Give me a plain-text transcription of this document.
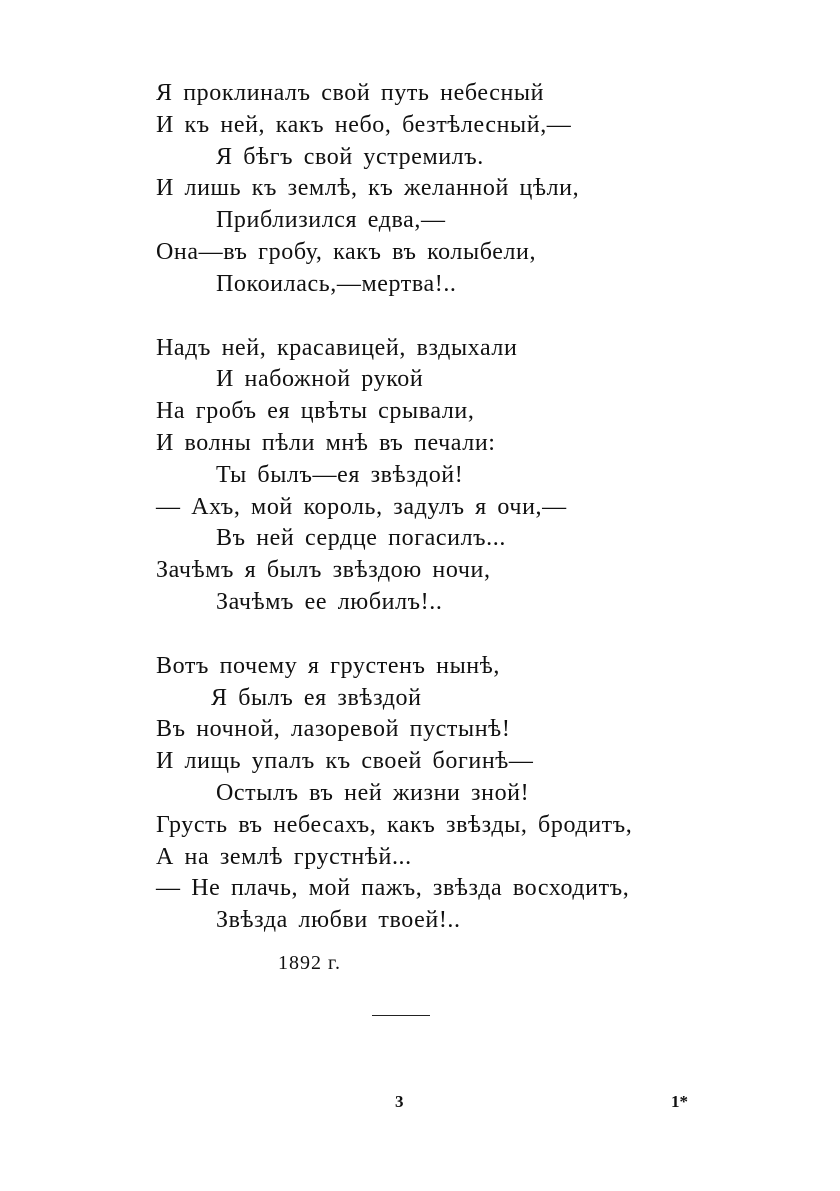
Я проклиналъ свой путь небесный
И къ ней, какъ небо, безтѣлесный,—
Я бѣгъ свой устремилъ.
И лишь къ землѣ, къ желанной цѣли,
Приблизился едва,—
Она—въ гробу, какъ въ колыбели,
Покоилась,—мертва!..
Надъ ней, красавицей, вздыхали
И набожной рукой
На гробъ ея цвѣты срывали,
И волны пѣли мнѣ въ печали:
Ты былъ—ея звѣздой!
— Ахъ, мой король, задулъ я очи,—
Въ ней сердце погасилъ...
Зачѣмъ я былъ звѣздою ночи,
Зачѣмъ ее любилъ!..
Вотъ почему я грустенъ нынѣ,
Я былъ ея звѣздой
Въ ночной, лазоревой пустынѣ!
И лищь упалъ къ своей богинѣ—
Остылъ въ ней жизни зной!
Грусть въ небесахъ, какъ звѣзды, бродитъ,
А на землѣ грустнѣй...
— Не плачь, мой пажъ, звѣзда восходитъ,
Звѣзда любви твоей!..
1892 г.
3	1*
